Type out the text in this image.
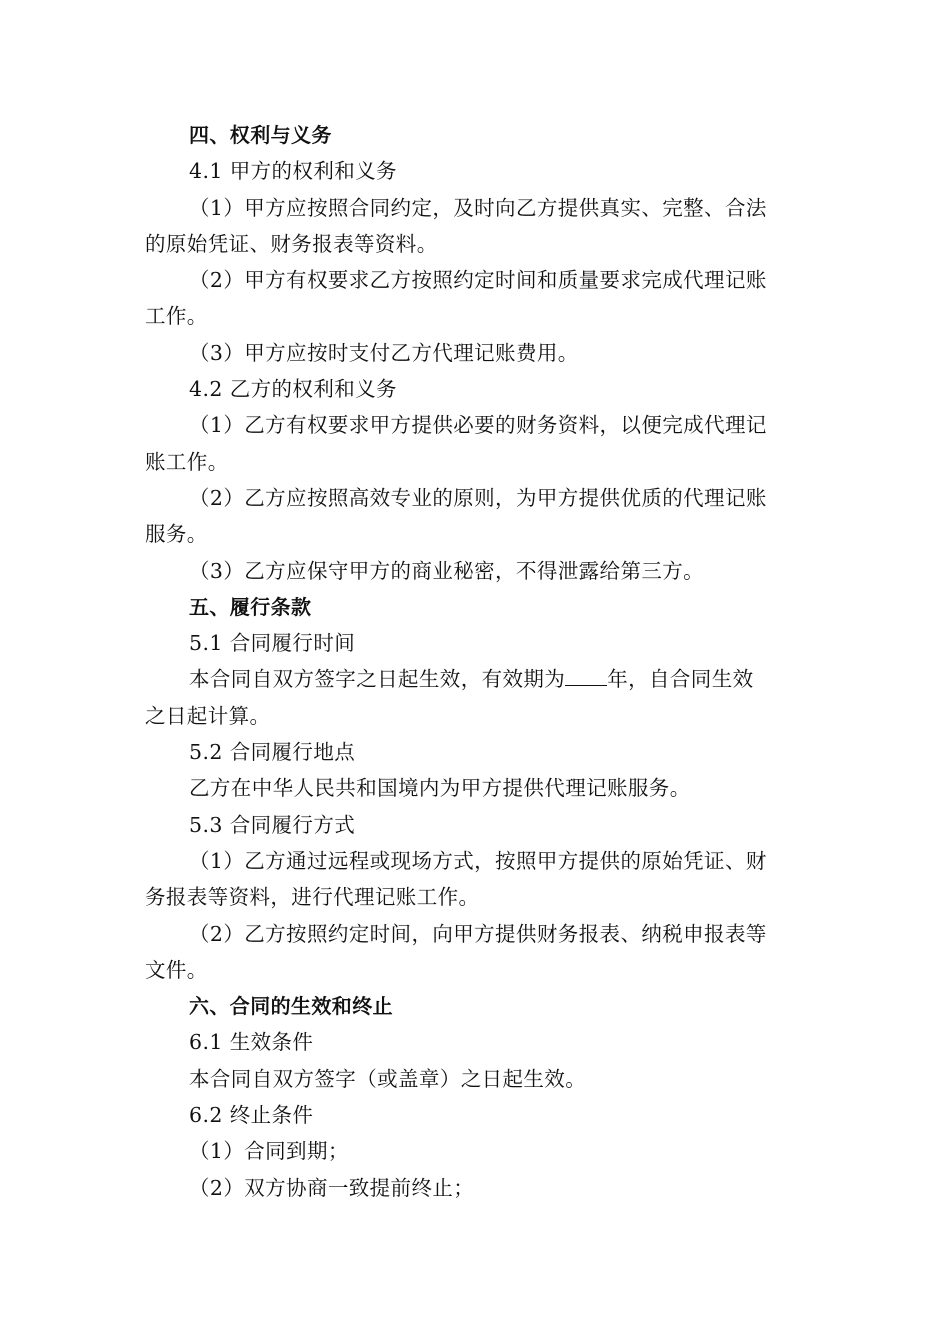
四、权利与义务
4.1 甲方的权利和义务
（1）甲方应按照合同约定，及时向乙方提供真实、完整、合法
的原始凭证、财务报表等资料。
（2）甲方有权要求乙方按照约定时间和质量要求完成代理记账
工作。
（3）甲方应按时支付乙方代理记账费用。
4.2 乙方的权利和义务
（1）乙方有权要求甲方提供必要的财务资料，以便完成代理记
账工作。
（2）乙方应按照高效专业的原则，为甲方提供优质的代理记账
服务。
（3）乙方应保守甲方的商业秘密，不得泄露给第三方。
五、履行条款
5.1 合同履行时间
本合同自双方签字之日起生效，有效期为 年，自合同生效
之日起计算。
5.2 合同履行地点
乙方在中华人民共和国境内为甲方提供代理记账服务。
5.3 合同履行方式
（1）乙方通过远程或现场方式，按照甲方提供的原始凭证、财
务报表等资料，进行代理记账工作。
（2）乙方按照约定时间，向甲方提供财务报表、纳税申报表等
文件。
六、合同的生效和终止
6.1 生效条件
本合同自双方签字（或盖章）之日起生效。
6.2 终止条件
（1）合同到期；
（2）双方协商一致提前终止；
